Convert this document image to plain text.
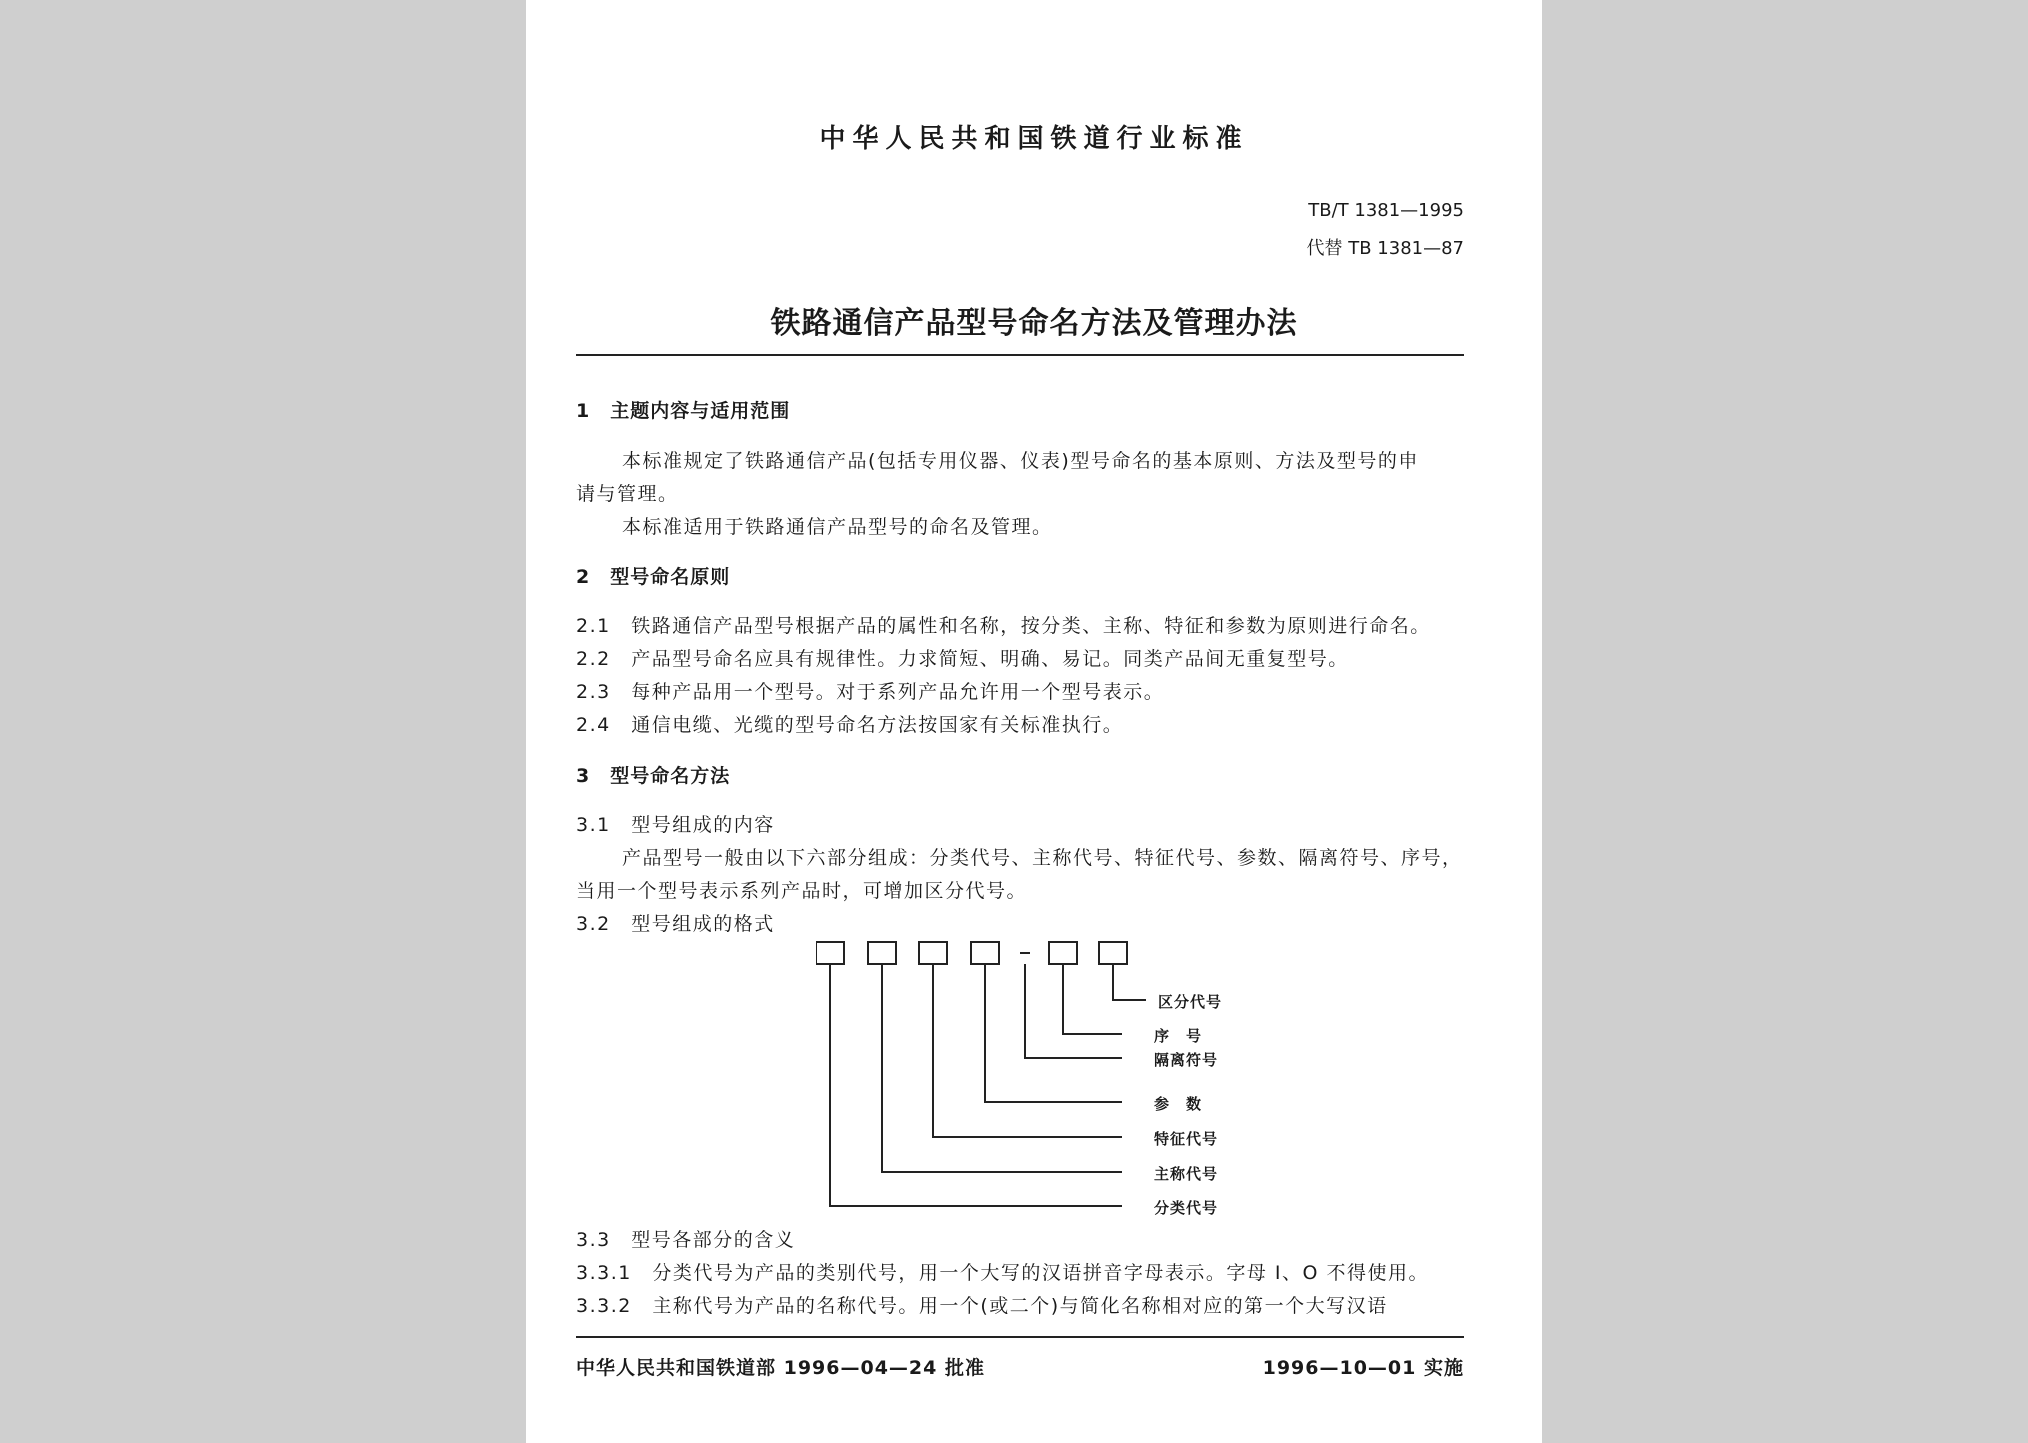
中华人民共和国铁道行业标准
TB/T 1381—1995
代替 TB 1381—87
铁路通信产品型号命名方法及管理办法
1　主题内容与适用范围
本标准规定了铁路通信产品(包括专用仪器、仪表)型号命名的基本原则、方法及型号的申
请与管理。
本标准适用于铁路通信产品型号的命名及管理。
2　型号命名原则
2.1　铁路通信产品型号根据产品的属性和名称，按分类、主称、特征和参数为原则进行命名。
2.2　产品型号命名应具有规律性。力求简短、明确、易记。同类产品间无重复型号。
2.3　每种产品用一个型号。对于系列产品允许用一个型号表示。
2.4　通信电缆、光缆的型号命名方法按国家有关标准执行。
3　型号命名方法
3.1　型号组成的内容
产品型号一般由以下六部分组成：分类代号、主称代号、特征代号、参数、隔离符号、序号，
当用一个型号表示系列产品时，可增加区分代号。
3.2　型号组成的格式
区分代号
序　号
隔离符号
参　数
特征代号
主称代号
分类代号
3.3　型号各部分的含义
3.3.1　分类代号为产品的类别代号，用一个大写的汉语拼音字母表示。字母 I、O 不得使用。
3.3.2　主称代号为产品的名称代号。用一个(或二个)与简化名称相对应的第一个大写汉语
中华人民共和国铁道部 1996—04—24 批准	1996—10—01 实施
